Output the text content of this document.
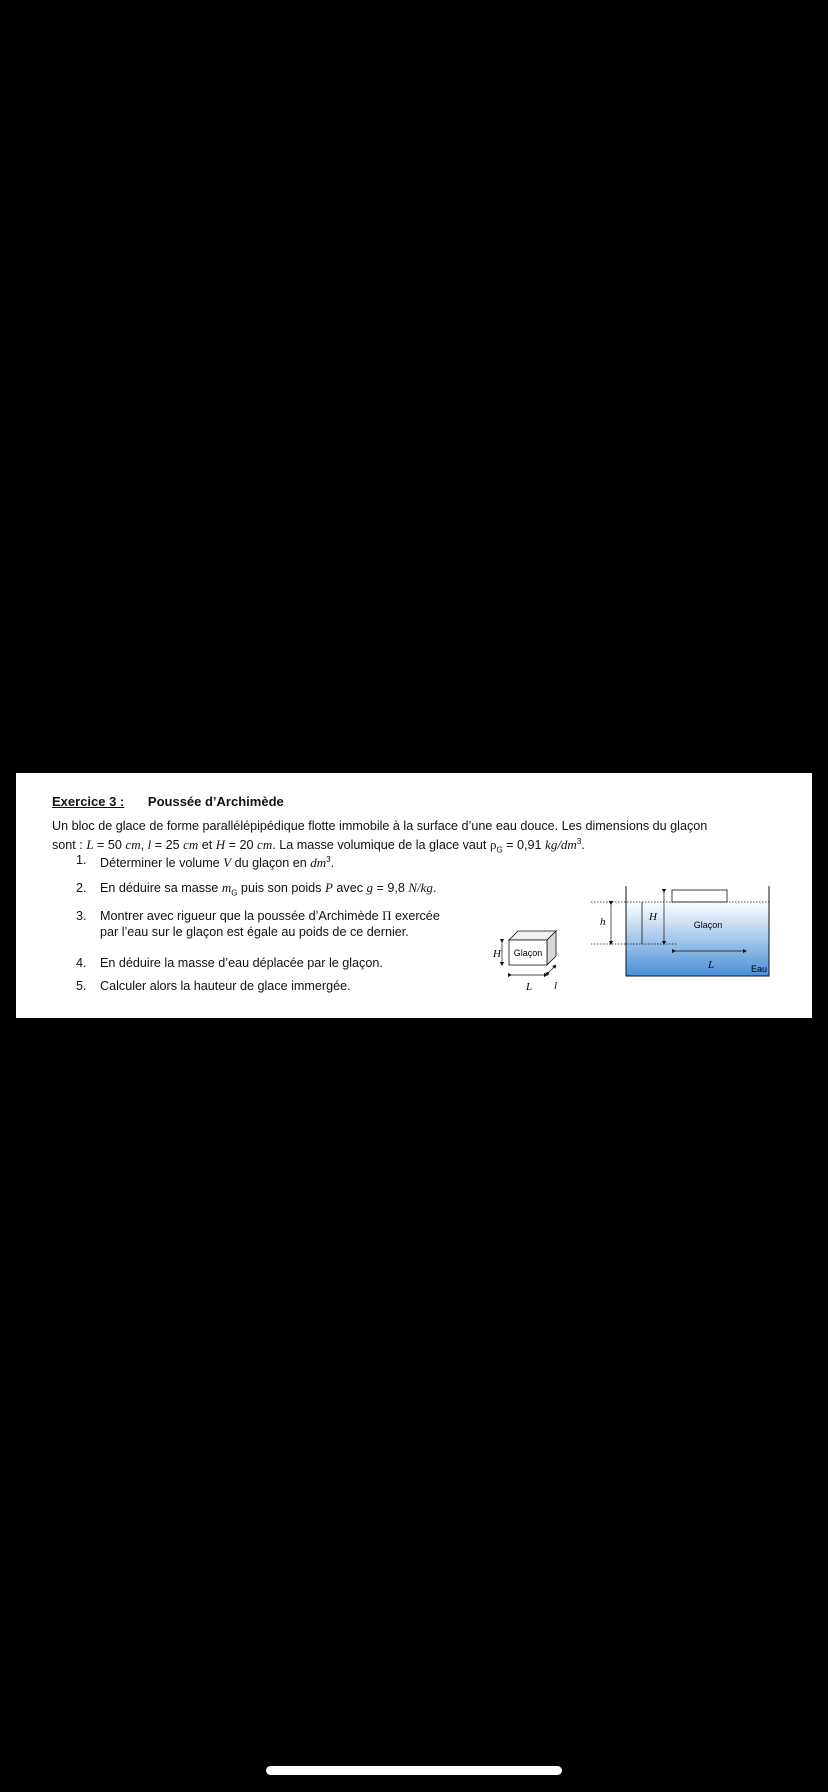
Exercice 3 : Poussée d’Archimède
Un bloc de glace de forme parallélépipédique flotte immobile à la surface d’une eau douce. Les dimensions du glaçon
sont : L = 50 cm, l = 25 cm et H = 20 cm. La masse volumique de la glace vaut $\rho_G = 0,91$ $kg/dm^3$.
1.	Déterminer le volume V du glaçon en $dm^3$.
2.	En déduire sa masse $m_G$ puis son poids P avec g = 9,8 N/kg.
3.	Montrer avec rigueur que la poussée d’Archimède Π exercée
par l’eau sur le glaçon est égale au poids de ce dernier.
4.	En déduire la masse d’eau déplacée par le glaçon.
5.	Calculer alors la hauteur de glace immergée.
Glaçon
H
L l
h	H
Glaçon
L	Eau
